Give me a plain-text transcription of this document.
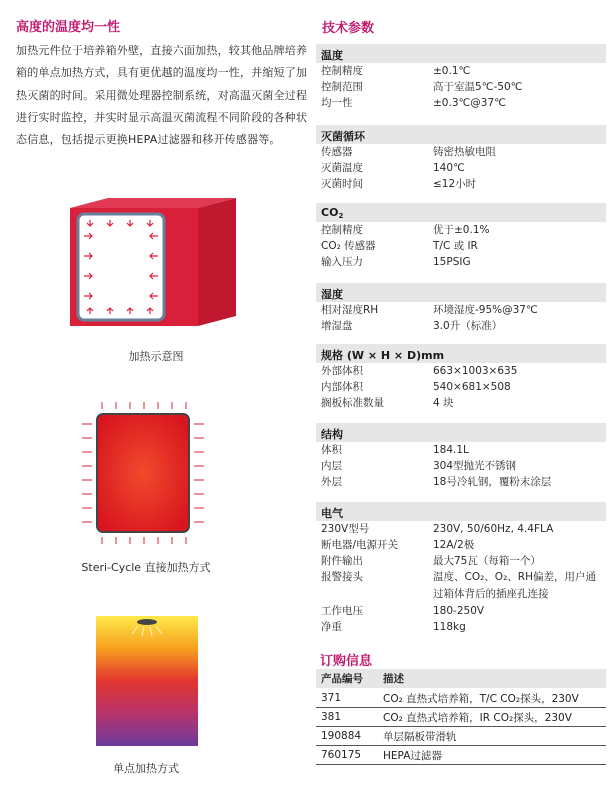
高度的温度均一性
加热元件位于培养箱外壁，直接六面加热，较其他品牌培养箱的单点加热方式，具有更优越的温度均一性，并缩短了加热灭菌的时间。采用微处理器控制系统，对高温灭菌全过程进行实时监控，并实时显示高温灭菌流程不同阶段的各种状态信息，包括提示更换HEPA过滤器和移开传感器等。
加热示意图
Steri-Cycle 直接加热方式
单点加热方式
技术参数
温度
控制精度	±0.1℃
控制范围	高于室温5℃-50℃
均一性	±0.3℃@37℃
灭菌循环
传感器	铸密热敏电阻
灭菌温度	140℃
灭菌时间	≤12小时
$CO_2$
控制精度	优于±0.1%
CO₂ 传感器	T/C 或 IR
输入压力	15PSIG
湿度
相对湿度RH	环境湿度-95%@37℃
增湿盘	3.0升（标准）
规格 (W × H × D)mm
外部体积	663×1003×635
内部体积	540×681×508
搁板标准数量	4 块
结构
体积	184.1L
内层	304型抛光不锈钢
外层	18号冷轧钢，覆粉末涂层
电气
230V型号	230V, 50/60Hz, 4.4FLA
断电器/电源开关	12A/2极
附件输出	最大75瓦（每箱一个）
报警接头	温度、CO₂、O₂、RH偏差，用户通过箱体背后的插座孔连接
工作电压	180-250V
净重	118kg
订购信息
产品编号	描述
371	CO₂ 直热式培养箱，T/C CO₂探头，230V
381	CO₂ 直热式培养箱，IR CO₂探头，230V
190884	单层隔板带滑轨
760175	HEPA过滤器
